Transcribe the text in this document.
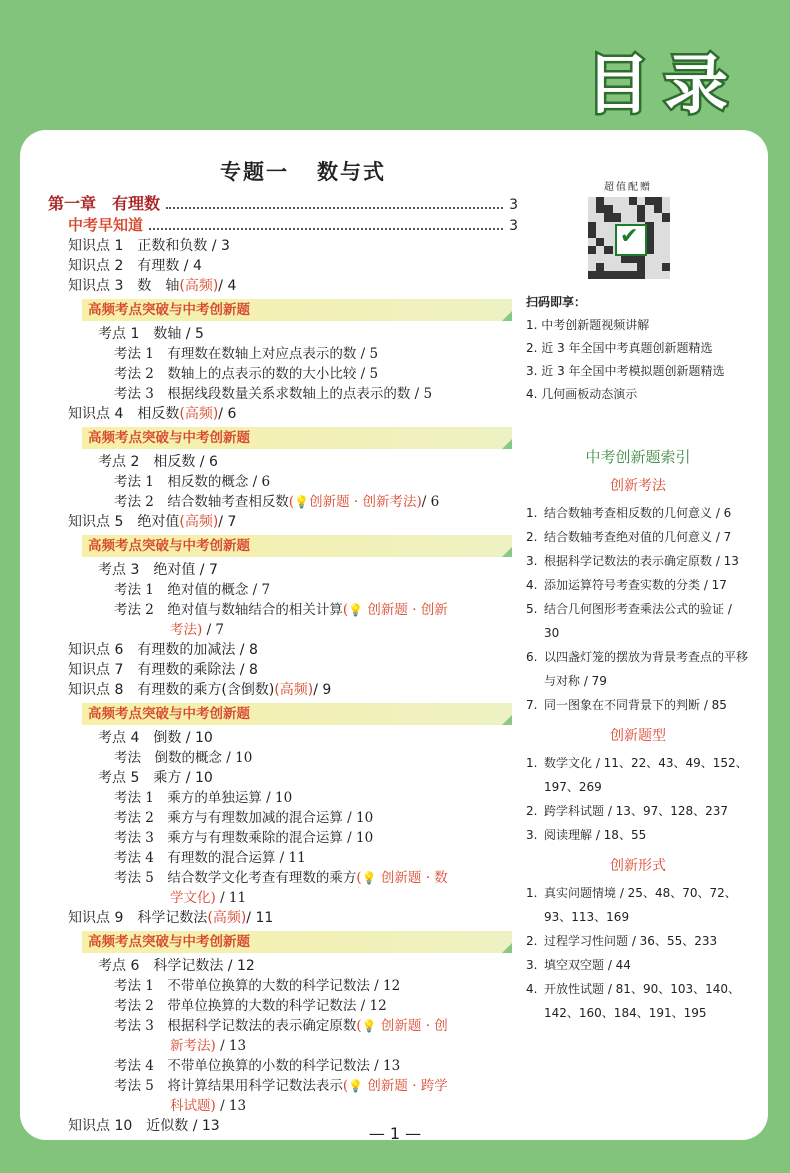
目录
专题一 数与式
第一章　有理数	3
中考早知道	3
知识点 1　正数和负数 / 3
知识点 2　有理数 / 4
知识点 3　数　轴 (高频) / 4
高频考点突破与中考创新题
考点 1　数轴 / 5
考法 1　有理数在数轴上对应点表示的数 / 5
考法 2　数轴上的点表示的数的大小比较 / 5
考法 3　根据线段数量关系求数轴上的点表示的数 / 5
知识点 4　相反数 (高频) / 6
高频考点突破与中考创新题
考点 2　相反数 / 6
考法 1　相反数的概念 / 6
考法 2　结合数轴考查相反数 ( 💡 创新题 · 创新考法) / 6
知识点 5　绝对值 (高频) / 7
高频考点突破与中考创新题
考点 3　绝对值 / 7
考法 1　绝对值的概念 / 7
考法 2　绝对值与数轴结合的相关计算(💡 创新题 · 创新
考法) / 7
知识点 6　有理数的加减法 / 8
知识点 7　有理数的乘除法 / 8
知识点 8　有理数的乘方(含倒数) (高频) / 9
高频考点突破与中考创新题
考点 4　倒数 / 10
考法　倒数的概念 / 10
考点 5　乘方 / 10
考法 1　乘方的单独运算 / 10
考法 2　乘方与有理数加减的混合运算 / 10
考法 3　乘方与有理数乘除的混合运算 / 10
考法 4　有理数的混合运算 / 11
考法 5　结合数学文化考查有理数的乘方(💡 创新题 · 数
学文化) / 11
知识点 9　科学记数法 (高频) / 11
高频考点突破与中考创新题
考点 6　科学记数法 / 12
考法 1　不带单位换算的大数的科学记数法 / 12
考法 2　带单位换算的大数的科学记数法 / 12
考法 3　根据科学记数法的表示确定原数(💡 创新题 · 创
新考法) / 13
考法 4　不带单位换算的小数的科学记数法 / 13
考法 5　将计算结果用科学记数法表示(💡 创新题 · 跨学
科试题) / 13
知识点 10　近似数 / 13
超值配赠
✔
扫码即享：
1. 中考创新题视频讲解
2. 近 3 年全国中考真题创新题精选
3. 近 3 年全国中考模拟题创新题精选
4. 几何画板动态演示
中考创新题索引
创新考法
1. 结合数轴考查相反数的几何意义 / 6
2. 结合数轴考查绝对值的几何意义 / 7
3. 根据科学记数法的表示确定原数 / 13
4. 添加运算符号考查实数的分类 / 17
5. 结合几何图形考查乘法公式的验证 / 30
6. 以四盏灯笼的摆放为背景考查点的平移与对称 / 79
7. 同一图象在不同背景下的判断 / 85
创新题型
1. 数学文化 / 11、22、43、49、152、197、269
2. 跨学科试题 / 13、97、128、237
3. 阅读理解 / 18、55
创新形式
1. 真实问题情境 / 25、48、70、72、93、113、169
2. 过程学习性问题 / 36、55、233
3. 填空双空题 / 44
4. 开放性试题 / 81、90、103、140、142、160、184、191、195
— 1 —
